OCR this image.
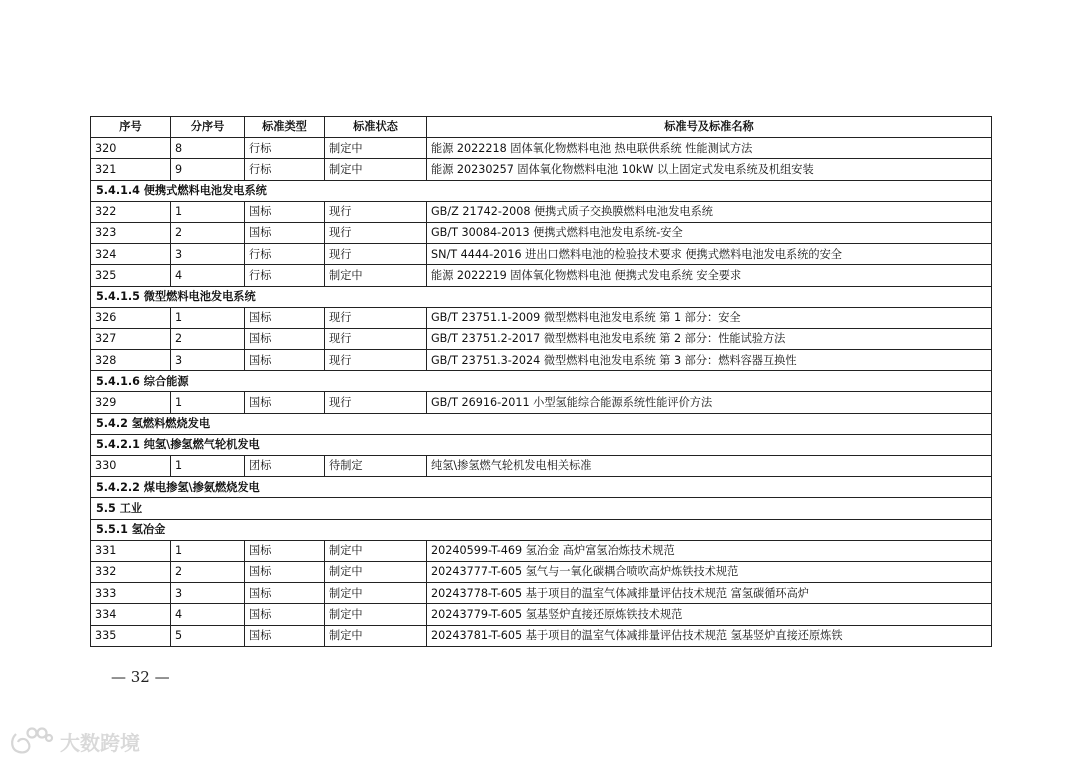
序号	分序号	标准类型	标准状态	标准号及标准名称
320	8	行标	制定中	能源 2022218 固体氧化物燃料电池 热电联供系统 性能测试方法
321	9	行标	制定中	能源 20230257 固体氧化物燃料电池 10kW 以上固定式发电系统及机组安装
5.4.1.4 便携式燃料电池发电系统				
322	1	国标	现行	GB/Z 21742-2008 便携式质子交换膜燃料电池发电系统
323	2	国标	现行	GB/T 30084-2013 便携式燃料电池发电系统-安全
324	3	行标	现行	SN/T 4444-2016 进出口燃料电池的检验技术要求 便携式燃料电池发电系统的安全
325	4	行标	制定中	能源 2022219 固体氧化物燃料电池 便携式发电系统 安全要求
5.4.1.5 微型燃料电池发电系统				
326	1	国标	现行	GB/T 23751.1-2009 微型燃料电池发电系统 第 1 部分：安全
327	2	国标	现行	GB/T 23751.2-2017 微型燃料电池发电系统 第 2 部分：性能试验方法
328	3	国标	现行	GB/T 23751.3-2024 微型燃料电池发电系统 第 3 部分：燃料容器互换性
5.4.1.6 综合能源				
329	1	国标	现行	GB/T 26916-2011 小型氢能综合能源系统性能评价方法
5.4.2 氢燃料燃烧发电				
5.4.2.1 纯氢\掺氢燃气轮机发电				
330	1	团标	待制定	纯氢\掺氢燃气轮机发电相关标准
5.4.2.2 煤电掺氢\掺氨燃烧发电				
5.5 工业				
5.5.1 氢冶金				
331	1	国标	制定中	20240599-T-469 氢冶金 高炉富氢冶炼技术规范
332	2	国标	制定中	20243777-T-605 氢气与一氧化碳耦合喷吹高炉炼铁技术规范
333	3	国标	制定中	20243778-T-605 基于项目的温室气体减排量评估技术规范 富氢碳循环高炉
334	4	国标	制定中	20243779-T-605 氢基竖炉直接还原炼铁技术规范
335	5	国标	制定中	20243781-T-605 基于项目的温室气体减排量评估技术规范 氢基竖炉直接还原炼铁
— 32 —
大数跨境
